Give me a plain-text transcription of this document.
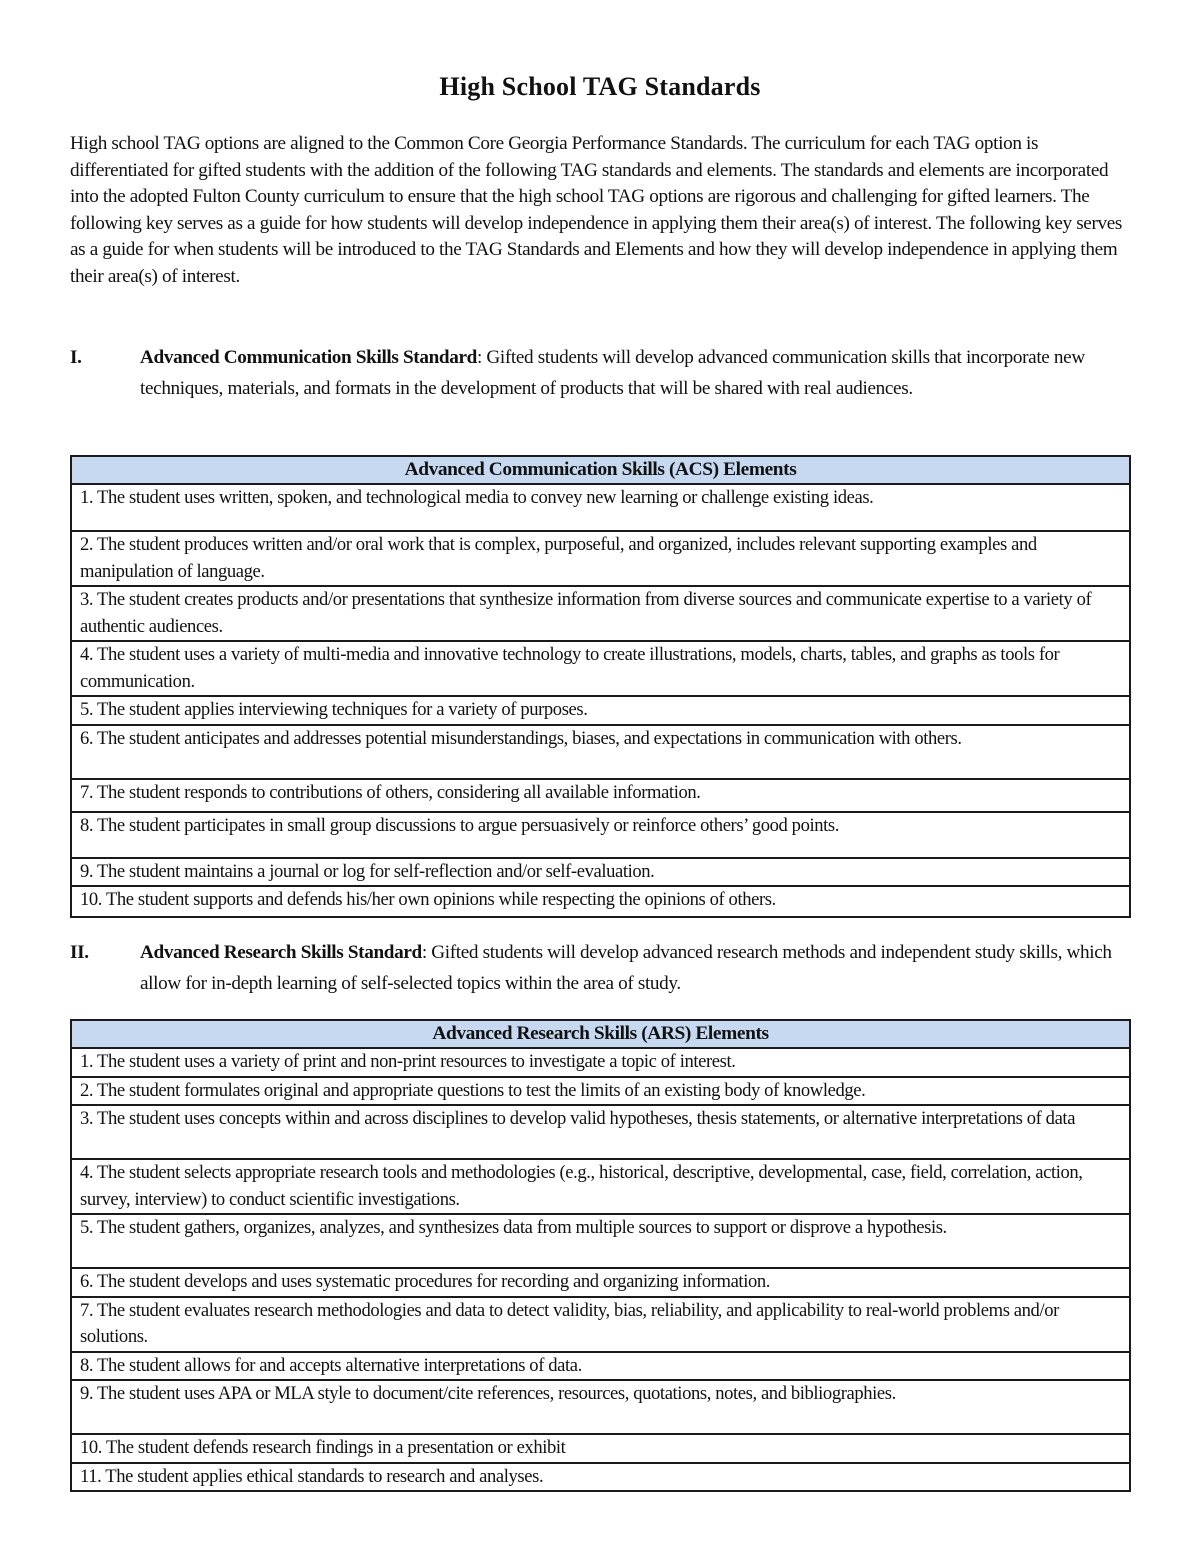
High School TAG Standards
High school TAG options are aligned to the Common Core Georgia Performance Standards. The curriculum for each TAG option is differentiated for gifted students with the addition of the following TAG standards and elements. The standards and elements are incorporated into the adopted Fulton County curriculum to ensure that the high school TAG options are rigorous and challenging for gifted learners. The following key serves as a guide for how students will develop independence in applying them their area(s) of interest. The following key serves as a guide for when students will be introduced to the TAG Standards and Elements and how they will develop independence in applying them their area(s) of interest.
I.	Advanced Communication Skills Standard: Gifted students will develop advanced communication skills that incorporate new techniques, materials, and formats in the development of products that will be shared with real audiences.
Advanced Communication Skills (ACS) Elements
1. The student uses written, spoken, and technological media to convey new learning or challenge existing ideas.
2. The student produces written and/or oral work that is complex, purposeful, and organized, includes relevant supporting examples and manipulation of language.
3. The student creates products and/or presentations that synthesize information from diverse sources and communicate expertise to a variety of authentic audiences.
4. The student uses a variety of multi-media and innovative technology to create illustrations, models, charts, tables, and graphs as tools for communication.
5. The student applies interviewing techniques for a variety of purposes.
6. The student anticipates and addresses potential misunderstandings, biases, and expectations in communication with others.
7. The student responds to contributions of others, considering all available information.
8. The student participates in small group discussions to argue persuasively or reinforce others’ good points.
9. The student maintains a journal or log for self-reflection and/or self-evaluation.
10. The student supports and defends his/her own opinions while respecting the opinions of others.
II.	Advanced Research Skills Standard: Gifted students will develop advanced research methods and independent study skills, which allow for in-depth learning of self-selected topics within the area of study.
Advanced Research Skills (ARS) Elements
1. The student uses a variety of print and non-print resources to investigate a topic of interest.
2. The student formulates original and appropriate questions to test the limits of an existing body of knowledge.
3. The student uses concepts within and across disciplines to develop valid hypotheses, thesis statements, or alternative interpretations of data
4. The student selects appropriate research tools and methodologies (e.g., historical, descriptive, developmental, case, field, correlation, action, survey, interview) to conduct scientific investigations.
5. The student gathers, organizes, analyzes, and synthesizes data from multiple sources to support or disprove a hypothesis.
6. The student develops and uses systematic procedures for recording and organizing information.
7. The student evaluates research methodologies and data to detect validity, bias, reliability, and applicability to real-world problems and/or solutions.
8. The student allows for and accepts alternative interpretations of data.
9. The student uses APA or MLA style to document/cite references, resources, quotations, notes, and bibliographies.
10. The student defends research findings in a presentation or exhibit
11. The student applies ethical standards to research and analyses.
